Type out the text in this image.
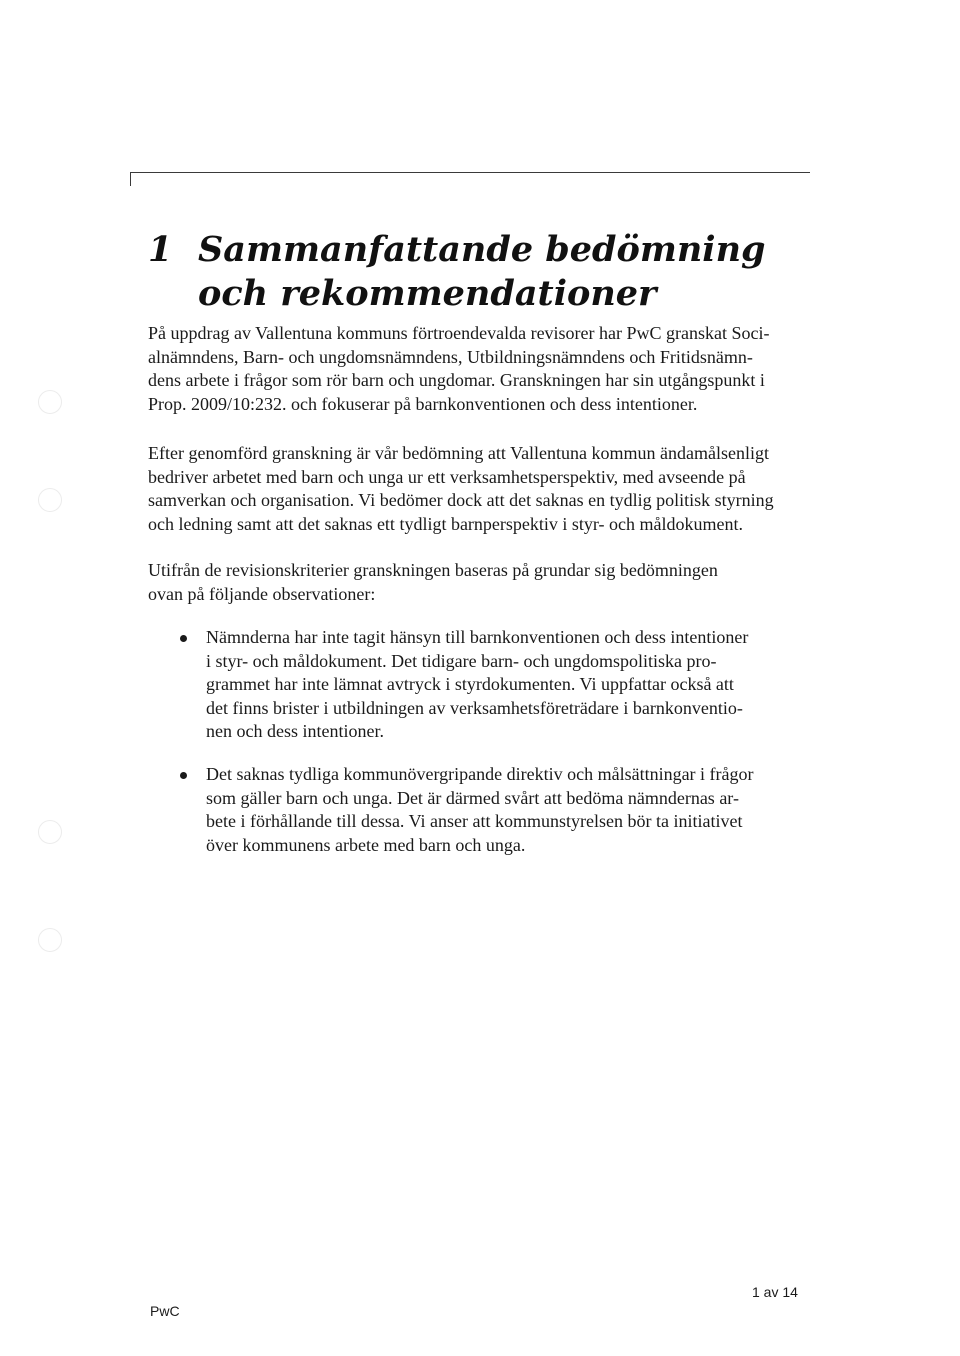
1 Sammanfattande bedömning
och rekommendationer

På uppdrag av Vallentuna kommuns förtroendevalda revisorer har PwC granskat Soci-
alnämndens, Barn- och ungdomsnämndens, Utbildningsnämndens och Fritidsnämn-
dens arbete i frågor som rör barn och ungdomar. Granskningen har sin utgångspunkt i
Prop. 2009/10:232. och fokuserar på barnkonventionen och dess intentioner.

Efter genomförd granskning är vår bedömning att Vallentuna kommun ändamålsenligt
bedriver arbetet med barn och unga ur ett verksamhetsperspektiv, med avseende på
samverkan och organisation. Vi bedömer dock att det saknas en tydlig politisk styrning
och ledning samt att det saknas ett tydligt barnperspektiv i styr- och måldokument.

Utifrån de revisionskriterier granskningen baseras på grundar sig bedömningen
ovan på följande observationer:

Nämnderna har inte tagit hänsyn till barnkonventionen och dess intentioner
i styr- och måldokument. Det tidigare barn- och ungdomspolitiska pro-
grammet har inte lämnat avtryck i styrdokumenten. Vi uppfattar också att
det finns brister i utbildningen av verksamhetsföreträdare i barnkonventio-
nen och dess intentioner.
Det saknas tydliga kommunövergripande direktiv och målsättningar i frågor
som gäller barn och unga. Det är därmed svårt att bedöma nämndernas ar-
bete i förhållande till dessa. Vi anser att kommunstyrelsen bör ta initiativet
över kommunens arbete med barn och unga.
PwC
1 av 14
